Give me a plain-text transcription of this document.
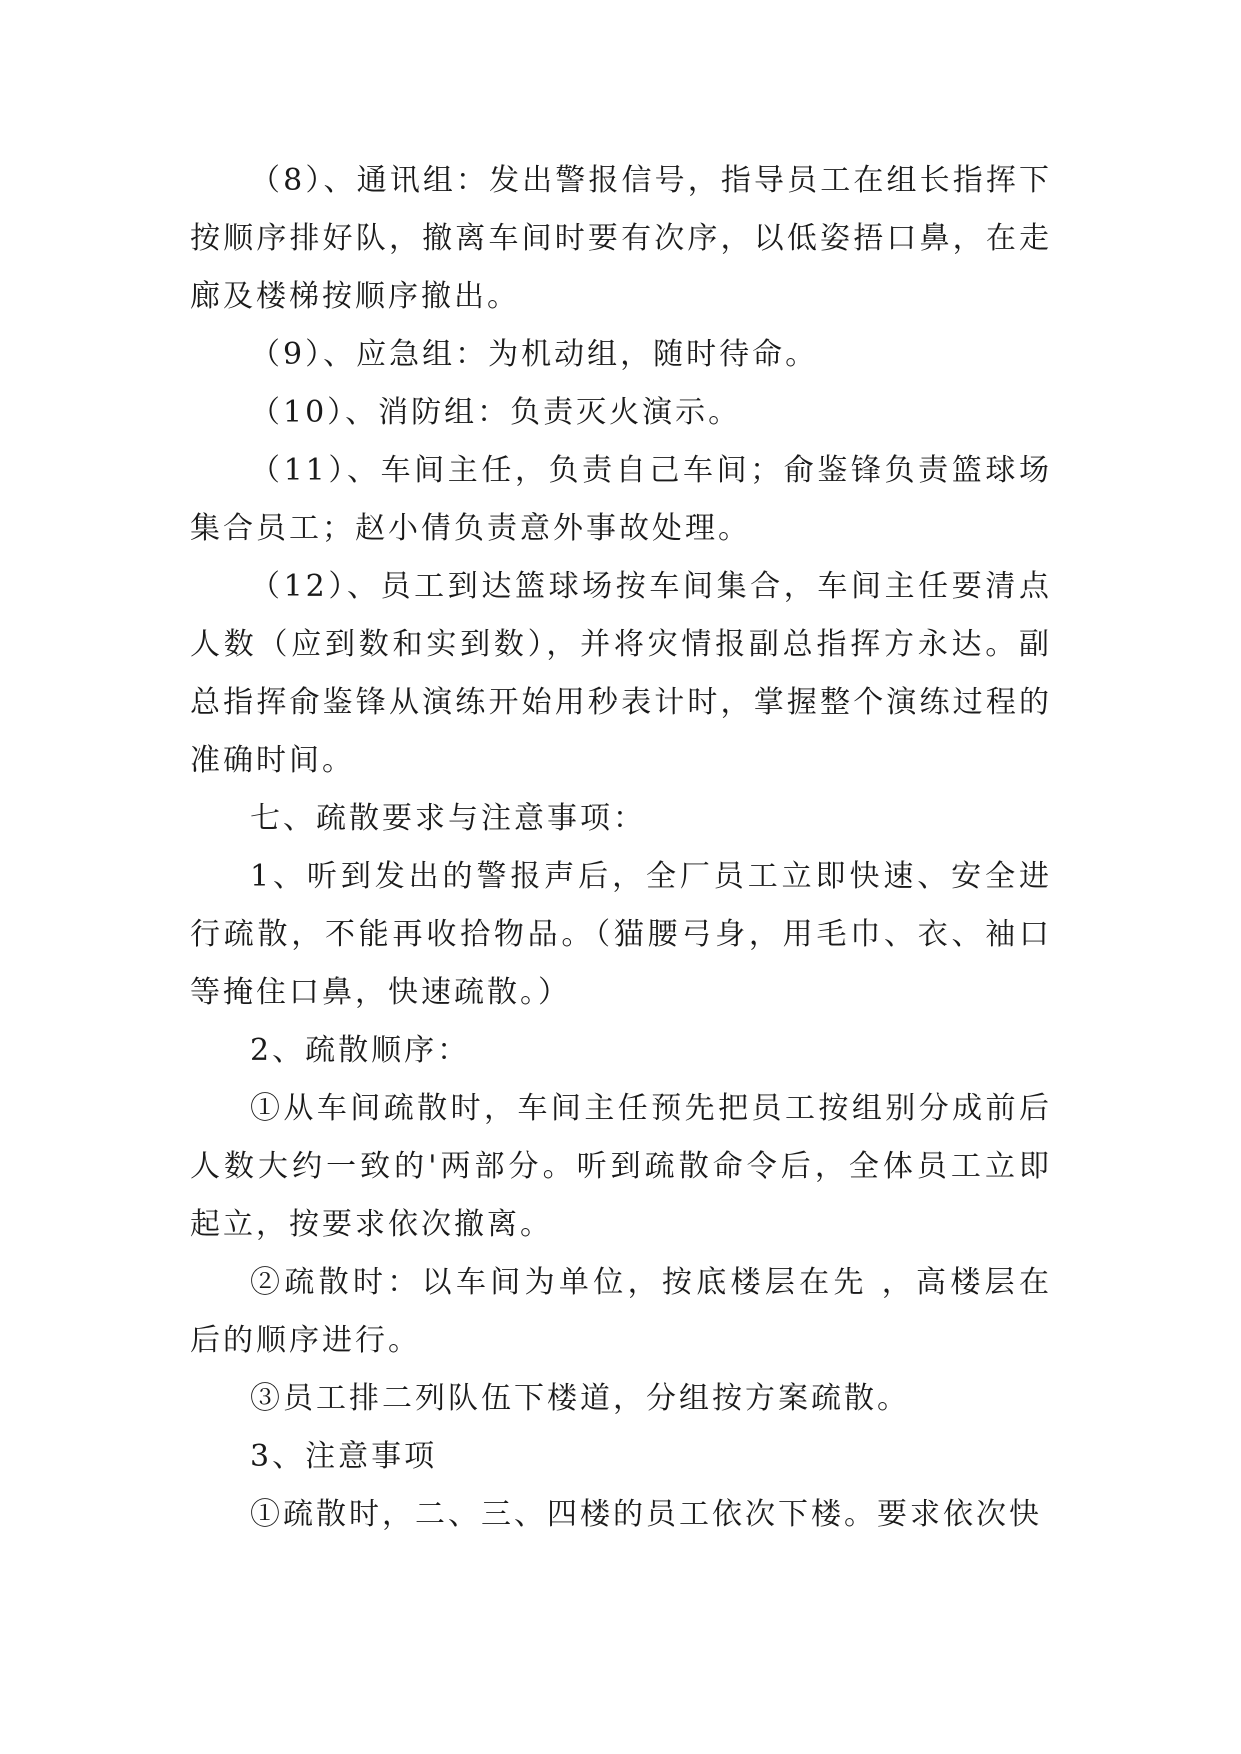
（8）、通讯组：发出警报信号，指导员工在组长指挥下按顺序排好队，撤离车间时要有次序，以低姿捂口鼻，在走廊及楼梯按顺序撤出。

（9）、应急组：为机动组，随时待命。

（10）、消防组：负责灭火演示。

（11）、车间主任，负责自己车间；俞鉴锋负责篮球场集合员工；赵小倩负责意外事故处理。

（12）、员工到达篮球场按车间集合，车间主任要清点人数（应到数和实到数），并将灾情报副总指挥方永达。副总指挥俞鉴锋从演练开始用秒表计时，掌握整个演练过程的准确时间。

七、疏散要求与注意事项：

1、听到发出的警报声后，全厂员工立即快速、安全进行疏散，不能再收拾物品。（猫腰弓身，用毛巾、衣、袖口等掩住口鼻，快速疏散。）

2、疏散顺序：

①从车间疏散时，车间主任预先把员工按组别分成前后人数大约一致的'两部分。听到疏散命令后，全体员工立即起立，按要求依次撤离。

②疏散时：以车间为单位，按底楼层在先 ，高楼层在后的顺序进行。

③员工排二列队伍下楼道，分组按方案疏散。

3、注意事项

①疏散时，二、三、四楼的员工依次下楼。要求依次快
